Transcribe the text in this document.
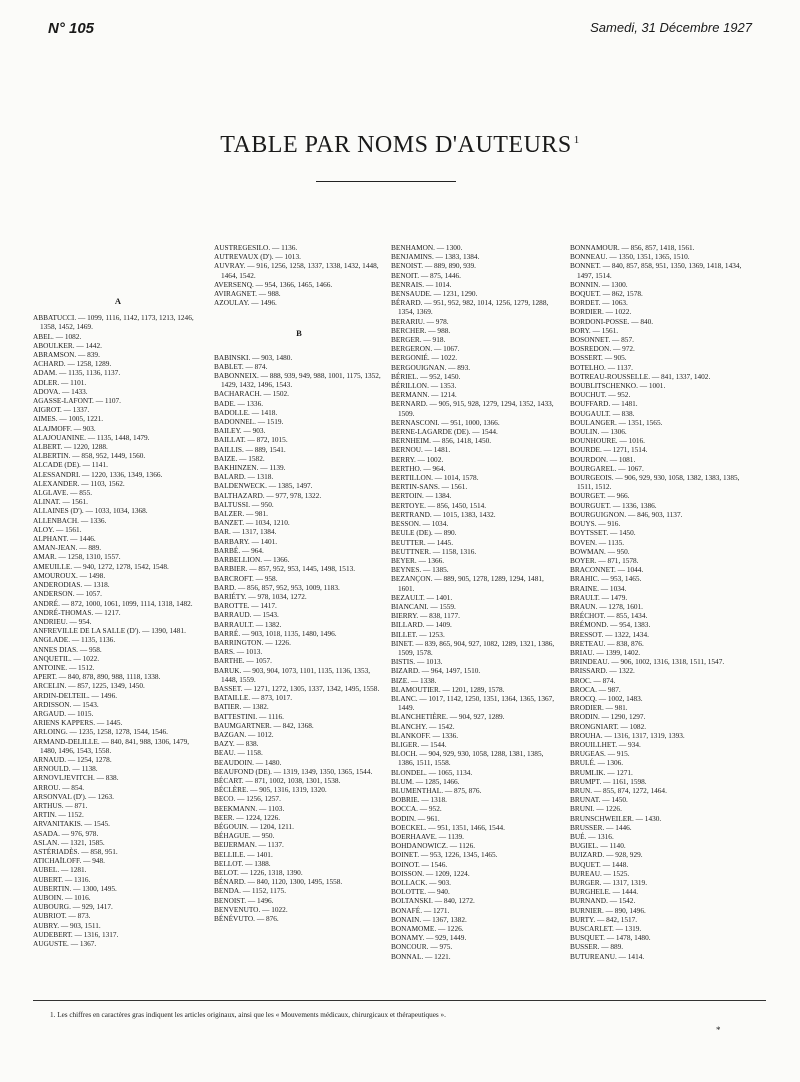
N° 105	Samedi, 31 Décembre 1927
TABLE PAR NOMS D'AUTEURS $^1$
A
ABBATUCCI. — 1099, 1116, 1142, 1173, 1213, 1246, 1358, 1452, 1469.
ABEL. — 1082.
ABOULKER. — 1442.
ABRAMSON. — 839.
ACHARD. — 1258, 1289.
ADAM. — 1135, 1136, 1137.
ADLER. — 1101.
ADOVA. — 1433.
AGASSE-LAFONT. — 1107.
AIGROT. — 1337.
AIMES. — 1005, 1221.
ALAJMOFF. — 903.
ALAJOUANINE. — 1135, 1448, 1479.
ALBERT. — 1220, 1288.
ALBERTIN. — 858, 952, 1449, 1560.
ALCADE (DE). — 1141.
ALESSANDRI. — 1220, 1336, 1349, 1366.
ALEXANDER. — 1103, 1562.
ALGLAVE. — 855.
ALINAT. — 1561.
ALLAINES (D'). — 1033, 1034, 1368.
ALLENBACH. — 1336.
ALOY. — 1561.
ALPHANT. — 1446.
AMAN-JEAN. — 889.
AMAR. — 1258, 1310, 1557.
AMEUILLE. — 940, 1272, 1278, 1542, 1548.
AMOUROUX. — 1498.
ANDERODIAS. — 1318.
ANDERSON. — 1057.
ANDRÉ. — 872, 1000, 1061, 1099, 1114, 1318, 1482.
ANDRÉ-THOMAS. — 1217.
ANDRIEU. — 954.
ANFREVILLE DE LA SALLE (D'). — 1390, 1481.
ANGLADE. — 1135, 1136.
ANNES DIAS. — 958.
ANQUETIL. — 1022.
ANTOINE. — 1512.
APERT. — 840, 878, 890, 988, 1118, 1338.
ARCELIN. — 857, 1225, 1349, 1450.
ARDIN-DELTEIL. — 1496.
ARDISSON. — 1543.
ARGAUD. — 1015.
ARIENS KAPPERS. — 1445.
ARLOING. — 1235, 1258, 1278, 1544, 1546.
ARMAND-DELILLE. — 840, 841, 988, 1306, 1479, 1480, 1496, 1543, 1558.
ARNAUD. — 1254, 1278.
ARNOULD. — 1138.
ARNOVLJEVITCH. — 838.
ARROU. — 854.
ARSONVAL (D'). — 1263.
ARTHUS. — 871.
ARTIN. — 1152.
ARVANITAKIS. — 1545.
ASADA. — 976, 978.
ASLAN. — 1321, 1585.
ASTÉRIADÈS. — 858, 951.
ATICHAÏLOFF. — 948.
AUBEL. — 1281.
AUBERT. — 1316.
AUBERTIN. — 1300, 1495.
AUBOIN. — 1016.
AUBOURG. — 929, 1417.
AUBRIOT. — 873.
AUBRY. — 903, 1511.
AUDEBERT. — 1316, 1317.
AUGUSTE. — 1367.
AUSTREGESILO. — 1136.
AUTREVAUX (D'). — 1013.
AUVRAY. — 916, 1256, 1258, 1337, 1338, 1432, 1448, 1464, 1542.
AVERSENQ. — 954, 1366, 1465, 1466.
AVIRAGNET. — 988.
AZOULAY. — 1496.
B
BABINSKI. — 903, 1480.
BABLET. — 874.
BABONNEIX. — 888, 939, 949, 988, 1001, 1175, 1352, 1429, 1432, 1496, 1543.
BACHARACH. — 1502.
BADE. — 1336.
BADOLLE. — 1418.
BADONNEL. — 1519.
BAILEY. — 903.
BAILLAT. — 872, 1015.
BAILLIS. — 889, 1541.
BAIZE. — 1582.
BAKHINZEN. — 1139.
BALARD. — 1318.
BALDENWECK. — 1385, 1497.
BALTHAZARD. — 977, 978, 1322.
BALTUSSI. — 950.
BALZER. — 981.
BANZET. — 1034, 1210.
BAR. — 1317, 1384.
BARBARY. — 1401.
BARBÉ. — 964.
BARBELLION. — 1366.
BARBIER. — 857, 952, 953, 1445, 1498, 1513.
BARCROFT. — 958.
BARD. — 856, 857, 952, 953, 1009, 1183.
BARIÉTY. — 978, 1034, 1272.
BAROTTE. — 1417.
BARRAUD. — 1543.
BARRAULT. — 1382.
BARRÉ. — 903, 1018, 1135, 1480, 1496.
BARRINGTON. — 1226.
BARS. — 1013.
BARTHE. — 1057.
BARUK. — 903, 904, 1073, 1101, 1135, 1136, 1353, 1448, 1559.
BASSET. — 1271, 1272, 1305, 1337, 1342, 1495, 1558.
BATAILLE. — 873, 1017.
BATIER. — 1382.
BATTESTINI. — 1116.
BAUMGARTNER. — 842, 1368.
BAZGAN. — 1012.
BAZY. — 838.
BEAU. — 1158.
BEAUDOIN. — 1480.
BEAUFOND (DE). — 1319, 1349, 1350, 1365, 1544.
BÉCART. — 871, 1002, 1038, 1301, 1538.
BÉCLÈRE. — 905, 1316, 1319, 1320.
BECO. — 1256, 1257.
BEEKMANN. — 1103.
BEER. — 1224, 1226.
BÉGOUIN. — 1204, 1211.
BÉHAGUE. — 950.
BEIJERMAN. — 1137.
BELLILE. — 1401.
BELLOT. — 1388.
BELOT. — 1226, 1318, 1390.
BÉNARD. — 840, 1120, 1300, 1495, 1558.
BENDA. — 1152, 1175.
BENOIST. — 1496.
BENVENUTO. — 1022.
BÉNÉVUTO. — 876.
BENHAMON. — 1300.
BENJAMINS. — 1383, 1384.
BENOIST. — 889, 890, 939.
BENOIT. — 875, 1446.
BENRAIS. — 1014.
BENSAUDE. — 1231, 1290.
BÉRARD. — 951, 952, 982, 1014, 1256, 1279, 1288, 1354, 1369.
BERARIU. — 978.
BERCHER. — 988.
BERGER. — 918.
BERGERON. — 1067.
BERGONIÉ. — 1022.
BERGOUIGNAN. — 893.
BÉRIEL. — 952, 1450.
BÉRILLON. — 1353.
BERMANN. — 1214.
BERNARD. — 905, 915, 928, 1279, 1294, 1352, 1433, 1509.
BERNASCONI. — 951, 1000, 1366.
BERNE-LAGARDE (DE). — 1544.
BERNHEIM. — 856, 1418, 1450.
BERNOU. — 1481.
BERRY. — 1002.
BERTHO. — 964.
BERTILLON. — 1014, 1578.
BERTIN-SANS. — 1561.
BERTOIN. — 1384.
BERTOYE. — 856, 1450, 1514.
BERTRAND. — 1015, 1383, 1432.
BESSON. — 1034.
BEULE (DE). — 890.
BEUTTER. — 1445.
BEUTTNER. — 1158, 1316.
BEYER. — 1366.
BEYNES. — 1385.
BEZANÇON. — 889, 905, 1278, 1289, 1294, 1481, 1601.
BEZAULT. — 1401.
BIANCANI. — 1559.
BIERRY. — 838, 1177.
BILLARD. — 1409.
BILLET. — 1253.
BINET. — 839, 865, 904, 927, 1082, 1289, 1321, 1386, 1509, 1578.
BISTIS. — 1013.
BIZARD. — 964, 1497, 1510.
BIZE. — 1338.
BLAMOUTIER. — 1201, 1289, 1578.
BLANC. — 1017, 1142, 1250, 1351, 1364, 1365, 1367, 1449.
BLANCHETIÈRE. — 904, 927, 1289.
BLANCHY. — 1542.
BLANKOFF. — 1336.
BLIGER. — 1544.
BLOCH. — 904, 929, 930, 1058, 1288, 1381, 1385, 1386, 1511, 1558.
BLONDEL. — 1065, 1134.
BLUM. — 1285, 1466.
BLUMENTHAL. — 875, 876.
BOBRIE. — 1318.
BOCCA. — 952.
BODIN. — 961.
BOECKEL. — 951, 1351, 1466, 1544.
BOERHAAVE. — 1139.
BOHDANOWICZ. — 1126.
BOINET. — 953, 1226, 1345, 1465.
BOINOT. — 1546.
BOISSON. — 1209, 1224.
BOLLACK. — 903.
BOLOTTE. — 940.
BOLTANSKI. — 840, 1272.
BONAFÉ. — 1271.
BONAIN. — 1367, 1382.
BONAMOME. — 1226.
BONAMY. — 929, 1449.
BONCOUR. — 975.
BONNAL. — 1221.
BONNAMOUR. — 856, 857, 1418, 1561.
BONNEAU. — 1350, 1351, 1365, 1510.
BONNET. — 840, 857, 858, 951, 1350, 1369, 1418, 1434, 1497, 1514.
BONNIN. — 1300.
BOQUET. — 862, 1578.
BORDET. — 1063.
BORDIER. — 1022.
BORDONI-POSSE. — 840.
BORY. — 1561.
BOSONNET. — 857.
BOSREDON. — 972.
BOSSERT. — 905.
BOTELHO. — 1137.
BOTREAU-ROUSSELLE. — 841, 1337, 1402.
BOUBLITSCHENKO. — 1001.
BOUCHUT. — 952.
BOUFFARD. — 1481.
BOUGAULT. — 838.
BOULANGER. — 1351, 1565.
BOULIN. — 1306.
BOUNHOURE. — 1016.
BOURDE. — 1271, 1514.
BOURDON. — 1081.
BOURGAREL. — 1067.
BOURGEOIS. — 906, 929, 930, 1058, 1382, 1383, 1385, 1511, 1512.
BOURGET. — 966.
BOURGUET. — 1336, 1386.
BOURGUIGNON. — 846, 903, 1137.
BOUYS. — 916.
BOYTSSET. — 1450.
BOVEN. — 1135.
BOWMAN. — 950.
BOYER. — 871, 1578.
BRACONNET. — 1044.
BRAHIC. — 953, 1465.
BRAINE. — 1034.
BRAULT. — 1479.
BRAUN. — 1278, 1601.
BRÉCHOT. — 855, 1434.
BRÉMOND. — 954, 1383.
BRESSOT. — 1322, 1434.
BRETEAU. — 838, 876.
BRIAU. — 1399, 1402.
BRINDEAU. — 906, 1002, 1316, 1318, 1511, 1547.
BRISSARD. — 1322.
BROC. — 874.
BROCA. — 987.
BROCQ. — 1002, 1483.
BRODIER. — 981.
BRODIN. — 1290, 1297.
BRONGNIART. — 1082.
BROUHA. — 1316, 1317, 1319, 1393.
BROUILLHET. — 934.
BRUGEAS. — 915.
BRULÉ. — 1306.
BRUMLIK. — 1271.
BRUMPT. — 1161, 1598.
BRUN. — 855, 874, 1272, 1464.
BRUNAT. — 1450.
BRUNI. — 1226.
BRUNSCHWEILER. — 1430.
BRUSSER. — 1446.
BUÉ. — 1316.
BUGIEL. — 1140.
BUIZARD. — 928, 929.
BUQUET. — 1448.
BUREAU. — 1525.
BURGER. — 1317, 1319.
BURGHELE. — 1444.
BURNAND. — 1542.
BURNIER. — 890, 1496.
BURTY. — 842, 1517.
BUSCARLET. — 1319.
BUSQUET. — 1478, 1480.
BUSSER. — 889.
BUTUREANU. — 1414.
1. Les chiffres en caractères gras indiquent les articles originaux, ainsi que les « Mouvements médicaux, chirurgicaux et thérapeutiques ».
*
